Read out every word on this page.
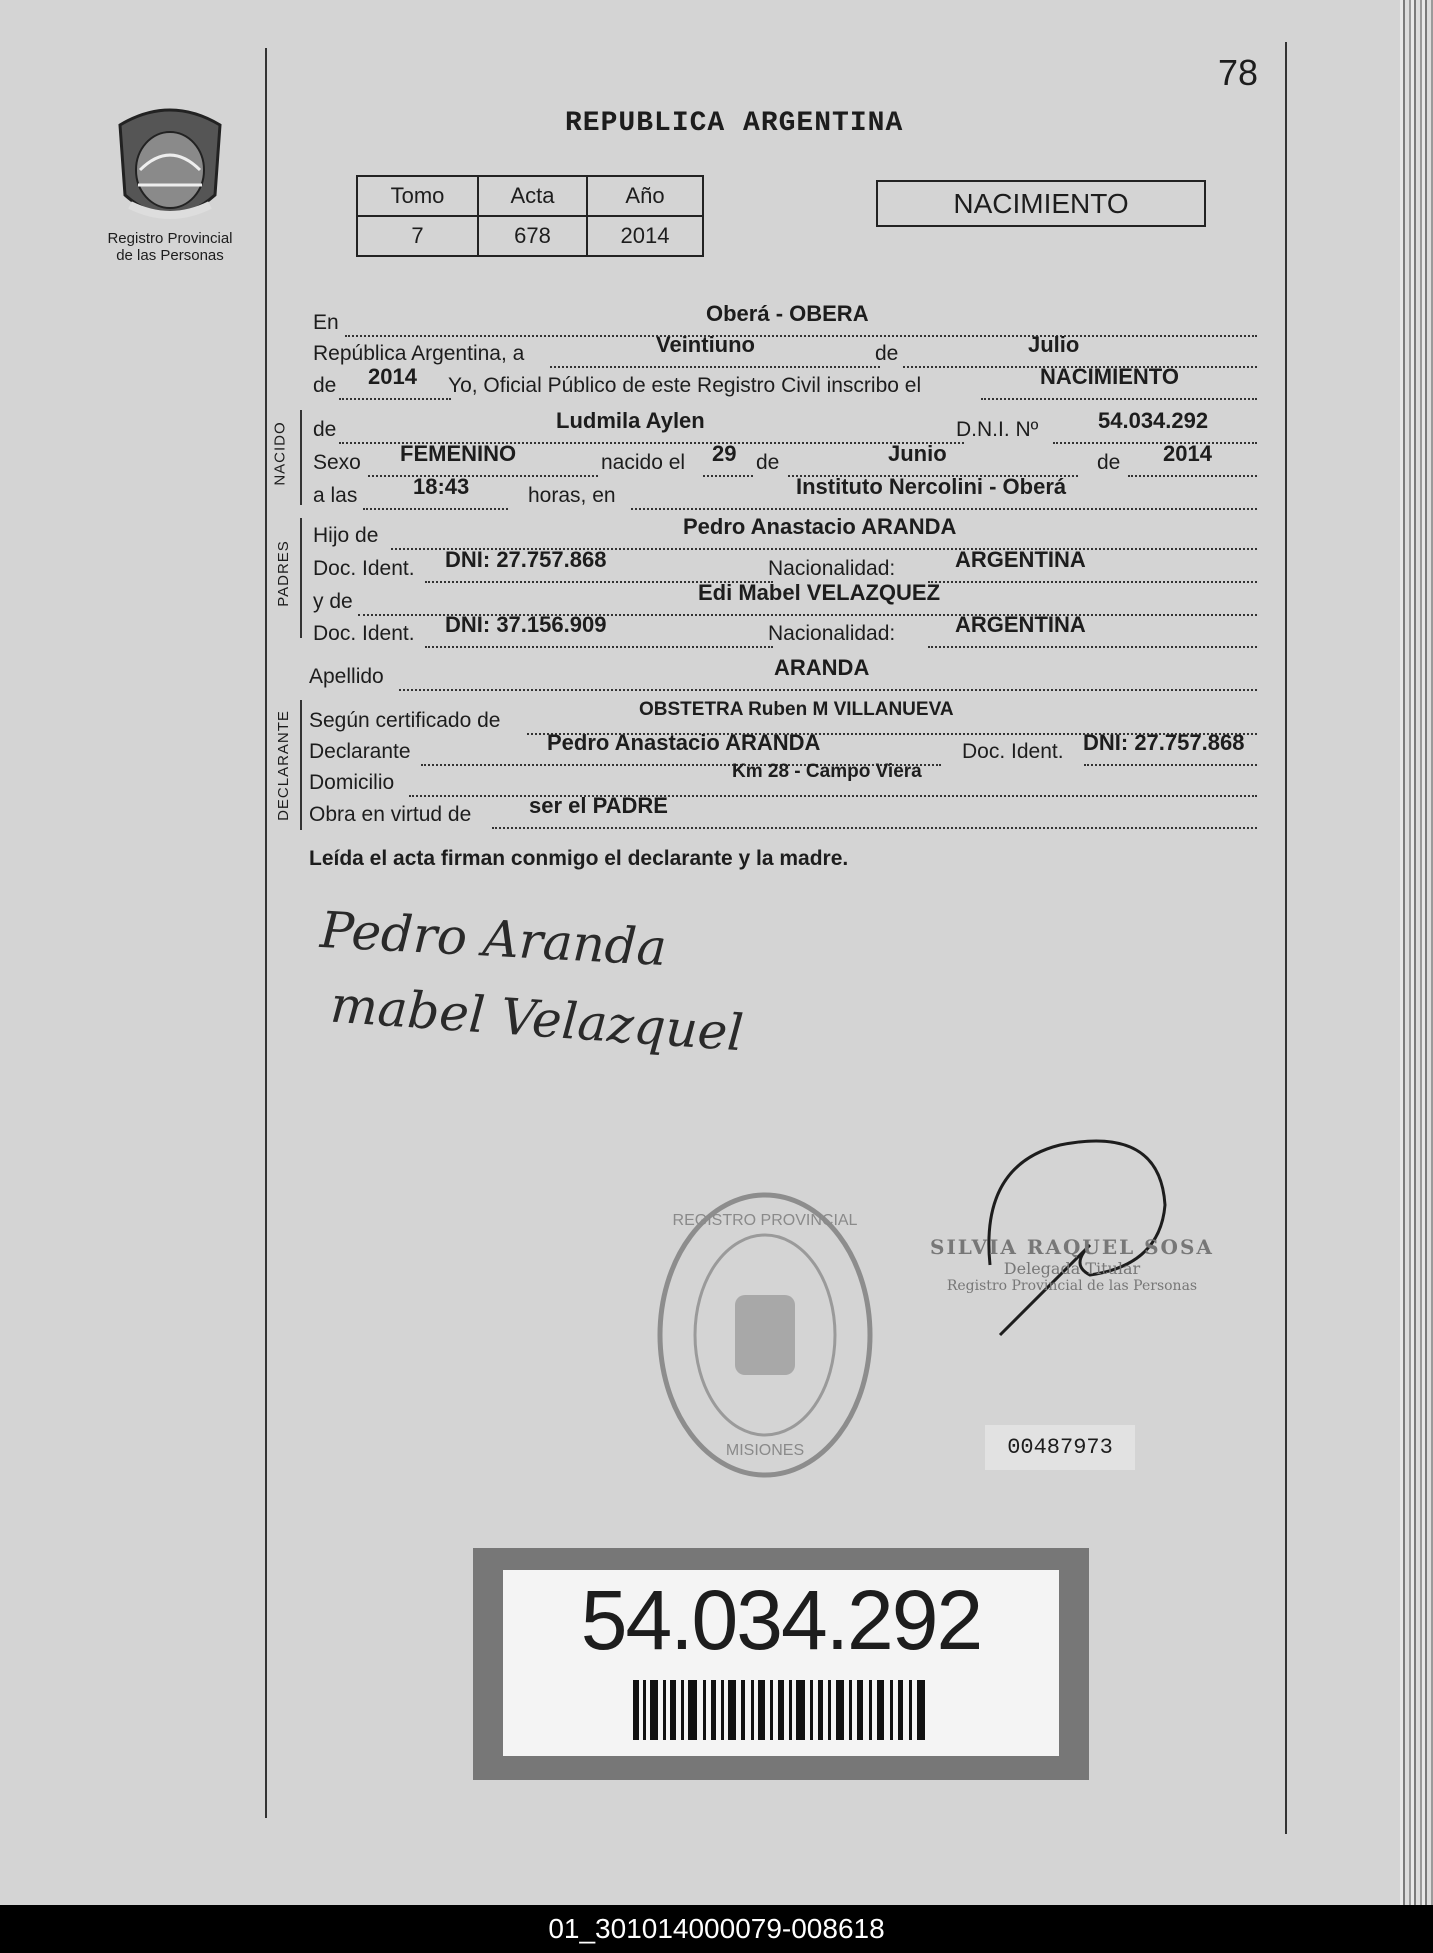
78
Registro Provincial
de las Personas
REPUBLICA ARGENTINA
Tomo	Acta	Año
7	678	2014
NACIMIENTO
NACIDO
PADRES
DECLARANTE
En	Oberá - OBERA
República Argentina, a	Veintiuno	de	Julio
de 2014 Yo, Oficial Público de este Registro Civil inscribo el	NACIMIENTO
de	Ludmila Aylen	D.N.I. Nº	54.034.292
Sexo FEMENINO	nacido el 29 de	Junio	de 2014
a las	18:43	horas, en	Instituto Nercolini - Oberá
Hijo de	Pedro Anastacio ARANDA
Doc. Ident. DNI: 27.757.868	Nacionalidad:	ARGENTINA
y de	Edi Mabel VELAZQUEZ
Doc. Ident. DNI: 37.156.909	Nacionalidad:	ARGENTINA
Apellido	ARANDA
Según certificado de	OBSTETRA Ruben M VILLANUEVA
Declarante	Pedro Anastacio ARANDA	Doc. Ident. DNI: 27.757.868
Domicilio	Km 28 - Campo Viera
Obra en virtud de	ser el PADRE
Leída el acta firman conmigo el declarante y la madre.
Pedro Aranda
mabel Velazquel
REGISTRO PROVINCIAL
MISIONES
SILVIA RAQUEL SOSA
Delegada Titular
Registro Provincial de las Personas
00487973
54.034.292
01_301014000079-008618
